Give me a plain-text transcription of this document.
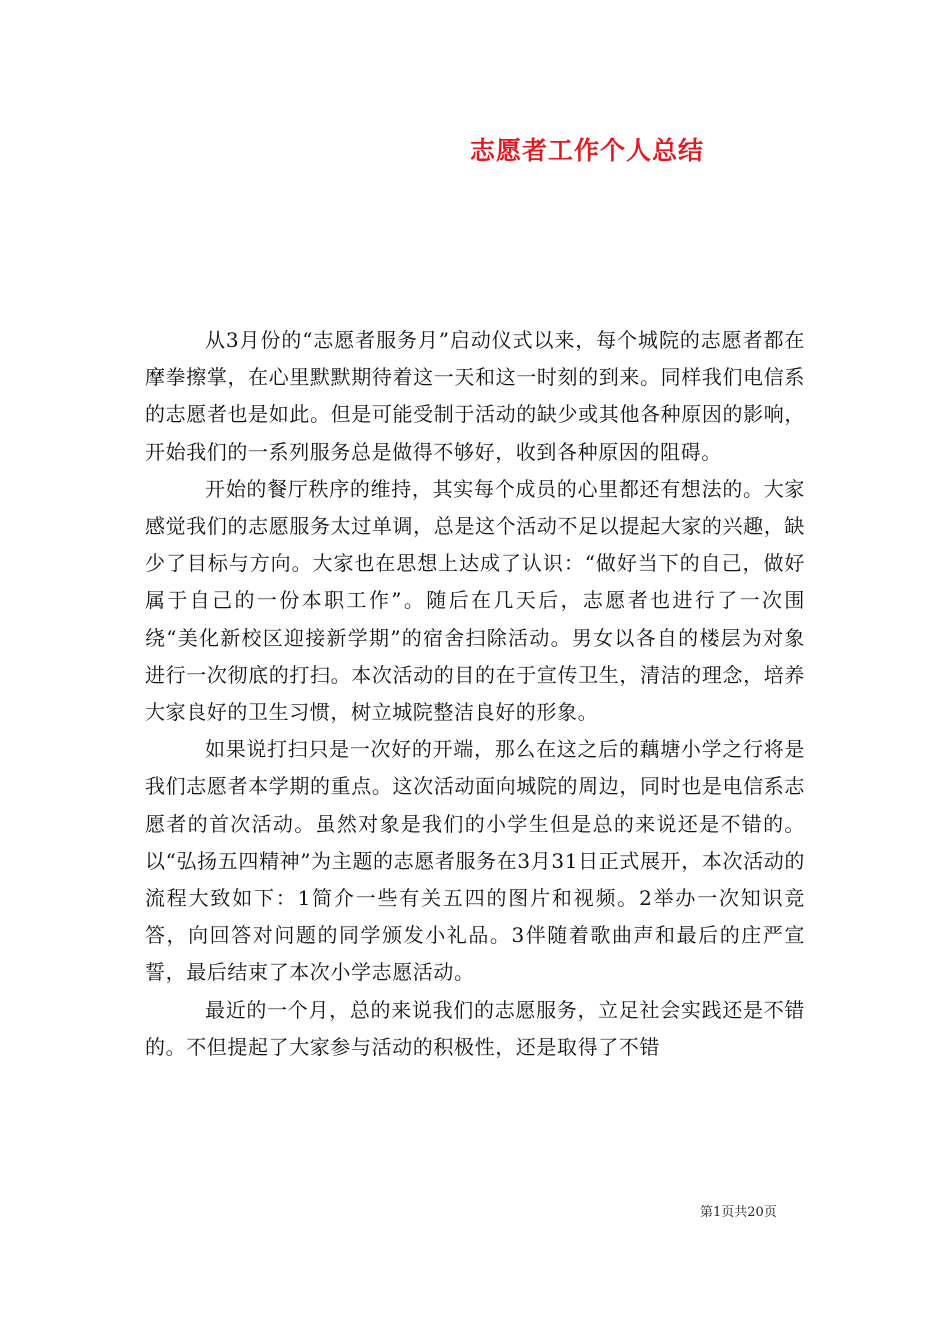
志愿者工作个人总结

从3月份的“志愿者服务月”启动仪式以来，每个城院的志愿者都在摩拳擦掌，在心里默默期待着这一天和这一时刻的到来。同样我们电信系的志愿者也是如此。但是可能受制于活动的缺少或其他各种原因的影响，开始我们的一系列服务总是做得不够好，收到各种原因的阻碍。

开始的餐厅秩序的维持，其实每个成员的心里都还有想法的。大家感觉我们的志愿服务太过单调，总是这个活动不足以提起大家的兴趣，缺少了目标与方向。大家也在思想上达成了认识：“做好当下的自己，做好属于自己的一份本职工作”。随后在几天后，志愿者也进行了一次围绕“美化新校区迎接新学期”的宿舍扫除活动。男女以各自的楼层为对象进行一次彻底的打扫。本次活动的目的在于宣传卫生，清洁的理念，培养大家良好的卫生习惯，树立城院整洁良好的形象。

如果说打扫只是一次好的开端，那么在这之后的藕塘小学之行将是我们志愿者本学期的重点。这次活动面向城院的周边，同时也是电信系志愿者的首次活动。虽然对象是我们的小学生但是总的来说还是不错的。以“弘扬五四精神”为主题的志愿者服务在3月31日正式展开，本次活动的流程大致如下：1简介一些有关五四的图片和视频。2举办一次知识竞答，向回答对问题的同学颁发小礼品。3伴随着歌曲声和最后的庄严宣誓，最后结束了本次小学志愿活动。

最近的一个月，总的来说我们的志愿服务，立足社会实践还是不错的。不但提起了大家参与活动的积极性，还是取得了不错

第1页共20页
